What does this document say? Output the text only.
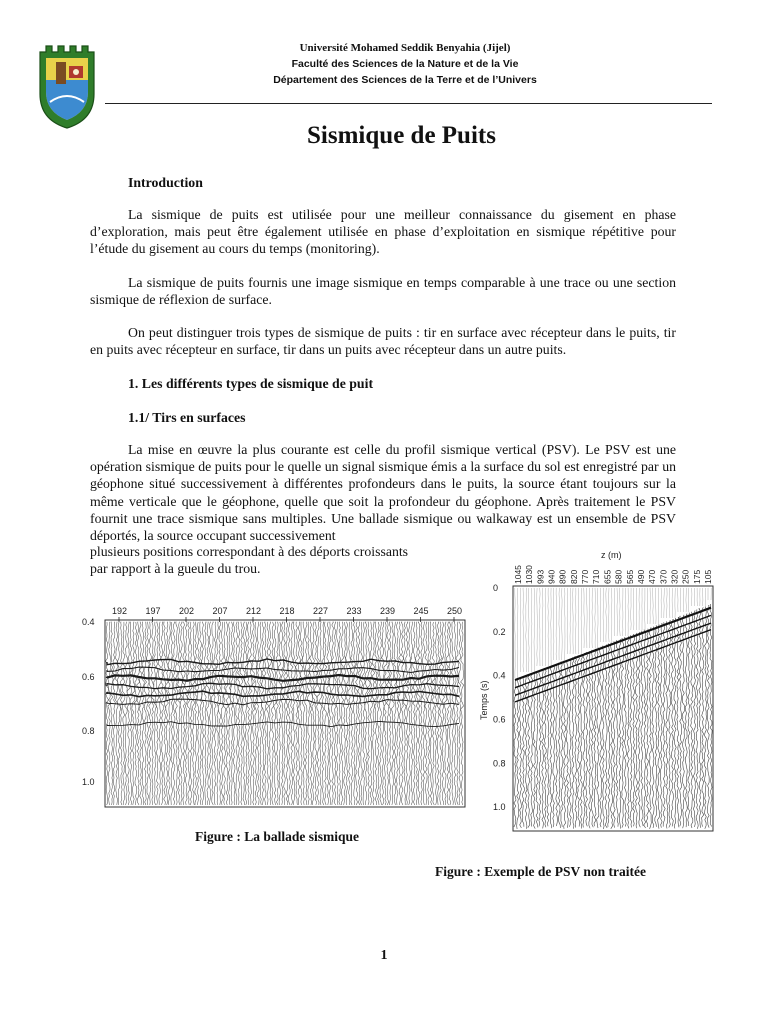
Université Mohamed Seddik Benyahia (Jijel)
Faculté des Sciences de la Nature et de la Vie
Département des Sciences de la Terre et de l’Univers
Sismique de Puits
Introduction

La sismique de puits est utilisée pour une meilleur connaissance du gisement en phase d’exploration, mais peut être également utilisée en phase d’exploitation en sismique répétitive pour l’étude du gisement au cours du temps (monitoring).

La sismique de puits fournis une image sismique en temps comparable à une trace ou une section sismique de réflexion de surface.

On peut distinguer trois types de sismique de puits : tir en surface avec récepteur dans le puits, tir en puits avec récepteur en surface, tir dans un puits avec récepteur dans un autre puits.

1. Les différents types de sismique de puit
1.1/ Tirs en surfaces

La mise en œuvre la plus courante est celle du profil sismique vertical (PSV). Le PSV est une opération sismique de puits pour le quelle un signal sismique émis a la surface du sol est enregistré par un géophone situé successivement à différentes profondeurs dans le puits, la source étant toujours sur la même verticale que le géophone, quelle que soit la profondeur du géophone. Après traitement le PSV fournit une trace sismique sans multiples. Une ballade sismique ou walkaway est un ensemble de PSV déportés, la source occupant successivement

plusieurs positions correspondant à des déports croissants
par rapport à la gueule du trou.
192 197 202 207 212 218 227 233 239 245 250
0.4
0.6
0.8
1.0
Figure : La ballade sismique
1045 1030 993 940 890 820 770 710 655 580 565 490 470 370 320 250 175 105
0
0.2
0.4
0.6
0.8
1.0
z (m)
Temps (s)
Figure : Exemple de PSV non traitée
1
